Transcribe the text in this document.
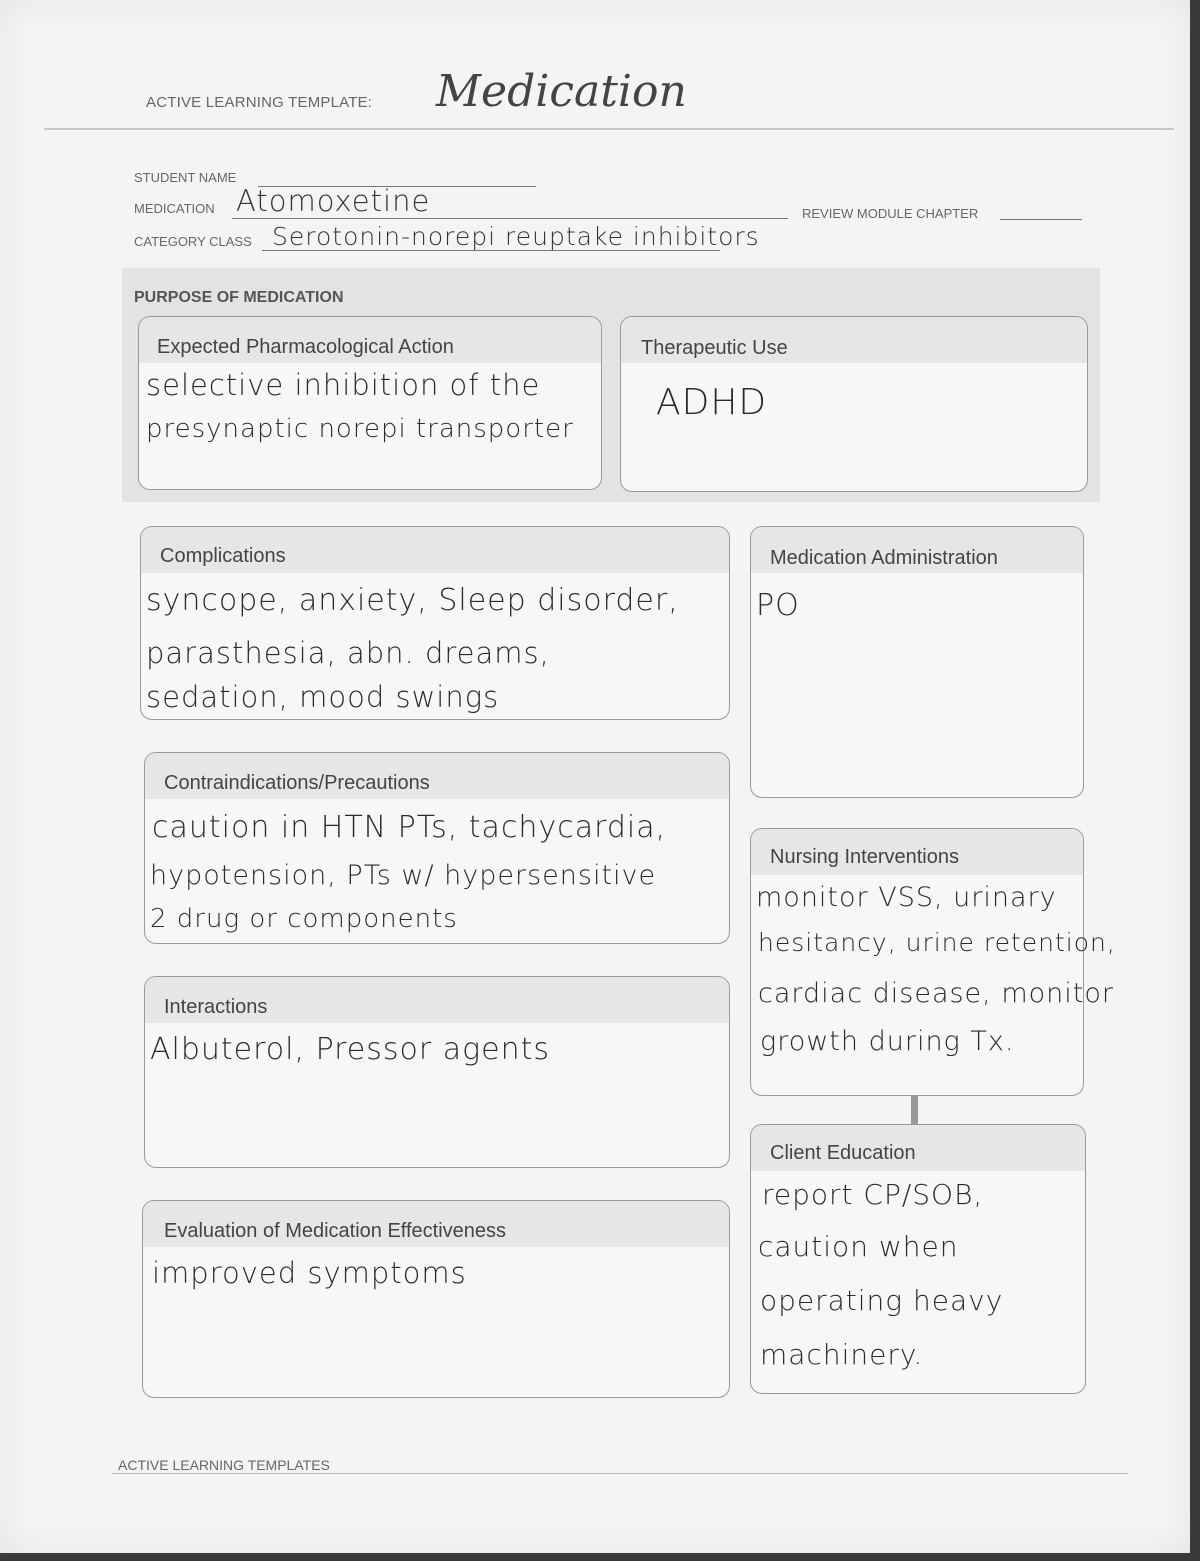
ACTIVE LEARNING TEMPLATE: Medication
STUDENT NAME
MEDICATION Atomoxetine	REVIEW MODULE CHAPTER
CATEGORY CLASS Serotonin-norepi reuptake inhibitors
PURPOSE OF MEDICATION
Expected Pharmacological Action
selective inhibition of the
presynaptic norepi transporter
Therapeutic Use
ADHD
Complications
syncope, anxiety, Sleep disorder,
parasthesia, abn. dreams,
sedation, mood swings
Medication Administration
PO
Contraindications/Precautions
caution in HTN PTs, tachycardia,
hypotension, PTs w/ hypersensitive
2 drug or components
Nursing Interventions
monitor VSS, urinary
hesitancy, urine retention,
cardiac disease, monitor
growth during Tx.
Interactions
Albuterol, Pressor agents
Client Education
report CP/SOB,
caution when
operating heavy
machinery.
Evaluation of Medication Effectiveness
improved symptoms
ACTIVE LEARNING TEMPLATES
